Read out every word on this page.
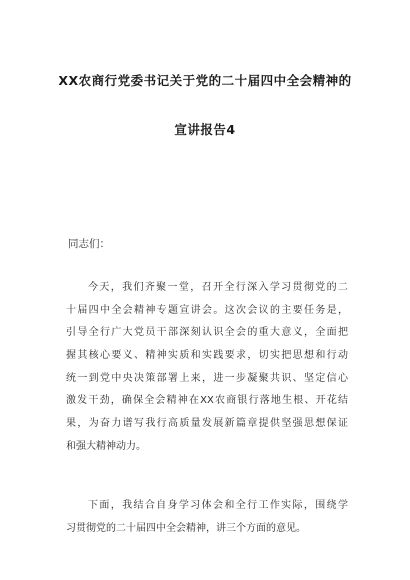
XX农商行党委书记关于党的二十届四中全会精神的
宣讲报告4
同志们：
今天，我们齐聚一堂，召开全行深入学习贯彻党的二
十届四中全会精神专题宣讲会。这次会议的主要任务是，
引导全行广大党员干部深刻认识全会的重大意义，全面把
握其核心要义、精神实质和实践要求，切实把思想和行动
统一到党中央决策部署上来，进一步凝聚共识、坚定信心
激发干劲，确保全会精神在XX农商银行落地生根、开花结
果，为奋力谱写我行高质量发展新篇章提供坚强思想保证
和强大精神动力。
下面，我结合自身学习体会和全行工作实际，围绕学
习贯彻党的二十届四中全会精神，讲三个方面的意见。
